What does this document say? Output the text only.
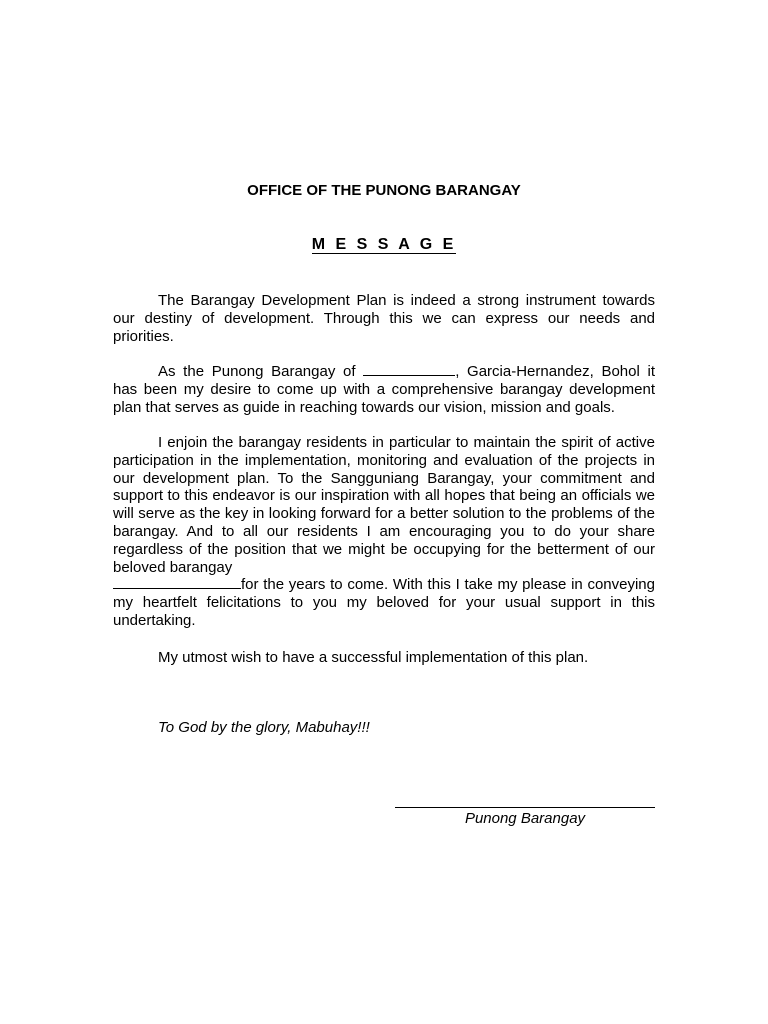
OFFICE OF THE PUNONG BARANGAY
M E S S A G E

The Barangay Development Plan is indeed a strong instrument towards our destiny of development. Through this we can express our needs and priorities.

As the Punong Barangay of	, Garcia-Hernandez, Bohol it has been my desire to come up with a comprehensive barangay development plan that serves as guide in reaching towards our vision, mission and goals.

I enjoin the barangay residents in particular to maintain the spirit of active participation in the implementation, monitoring and evaluation of the projects in our development plan. To the Sangguniang Barangay, your commitment and support to this endeavor is our inspiration with all hopes that being an officials we will serve as the key in looking forward for a better solution to the problems of the barangay. And to all our residents I am encouraging you to do your share regardless of the position that we might be occupying for the betterment of our beloved barangay
for the years to come. With this I take my please in conveying my heartfelt felicitations to you my beloved for your usual support in this undertaking.

My utmost wish to have a successful implementation of this plan.

To God by the glory, Mabuhay!!!

Punong Barangay
